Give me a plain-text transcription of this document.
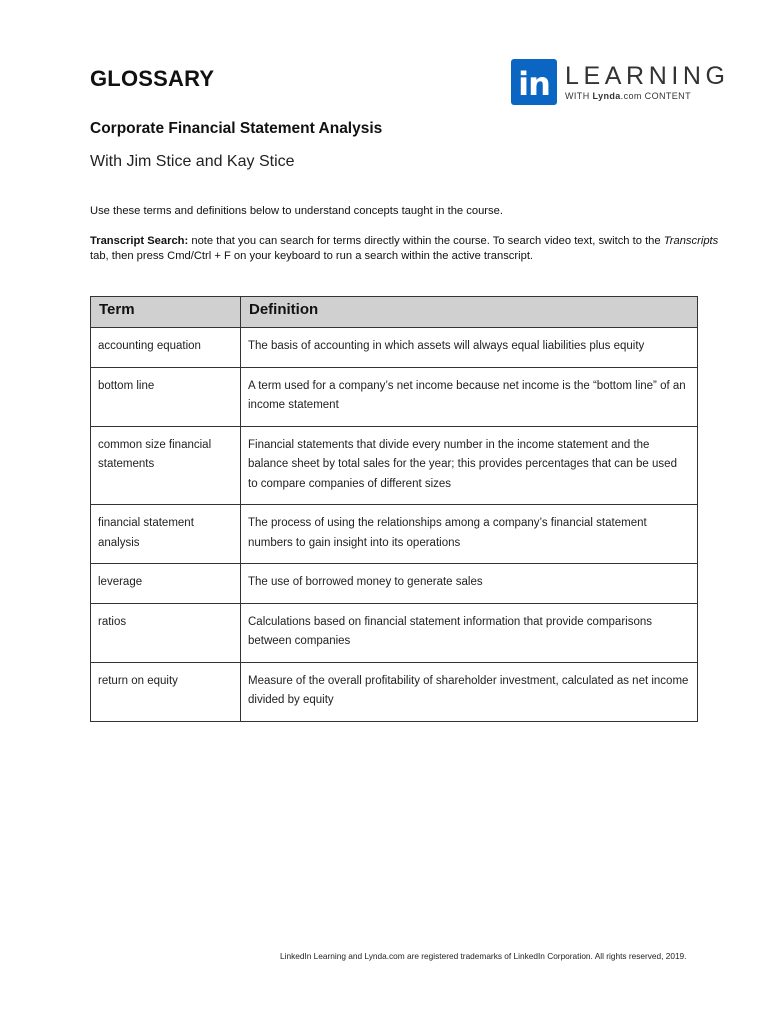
GLOSSARY	in LEARNING
WITH Lynda.com CONTENT
Corporate Financial Statement Analysis
With Jim Stice and Kay Stice
Use these terms and definitions below to understand concepts taught in the course.
Transcript Search: note that you can search for terms directly within the course. To search video text, switch to the Transcripts tab, then press Cmd/Ctrl + F on your keyboard to run a search within the active transcript.
Term	Definition
accounting equation	The basis of accounting in which assets will always equal liabilities plus equity
bottom line	A term used for a company’s net income because net income is the “bottom line” of an income statement
common size financial statements	Financial statements that divide every number in the income statement and the balance sheet by total sales for the year; this provides percentages that can be used to compare companies of different sizes
financial statement analysis	The process of using the relationships among a company’s financial statement numbers to gain insight into its operations
leverage	The use of borrowed money to generate sales
ratios	Calculations based on financial statement information that provide comparisons between companies
return on equity	Measure of the overall profitability of shareholder investment, calculated as net income divided by equity
LinkedIn Learning and Lynda.com are registered trademarks of LinkedIn Corporation. All rights reserved, 2019.
